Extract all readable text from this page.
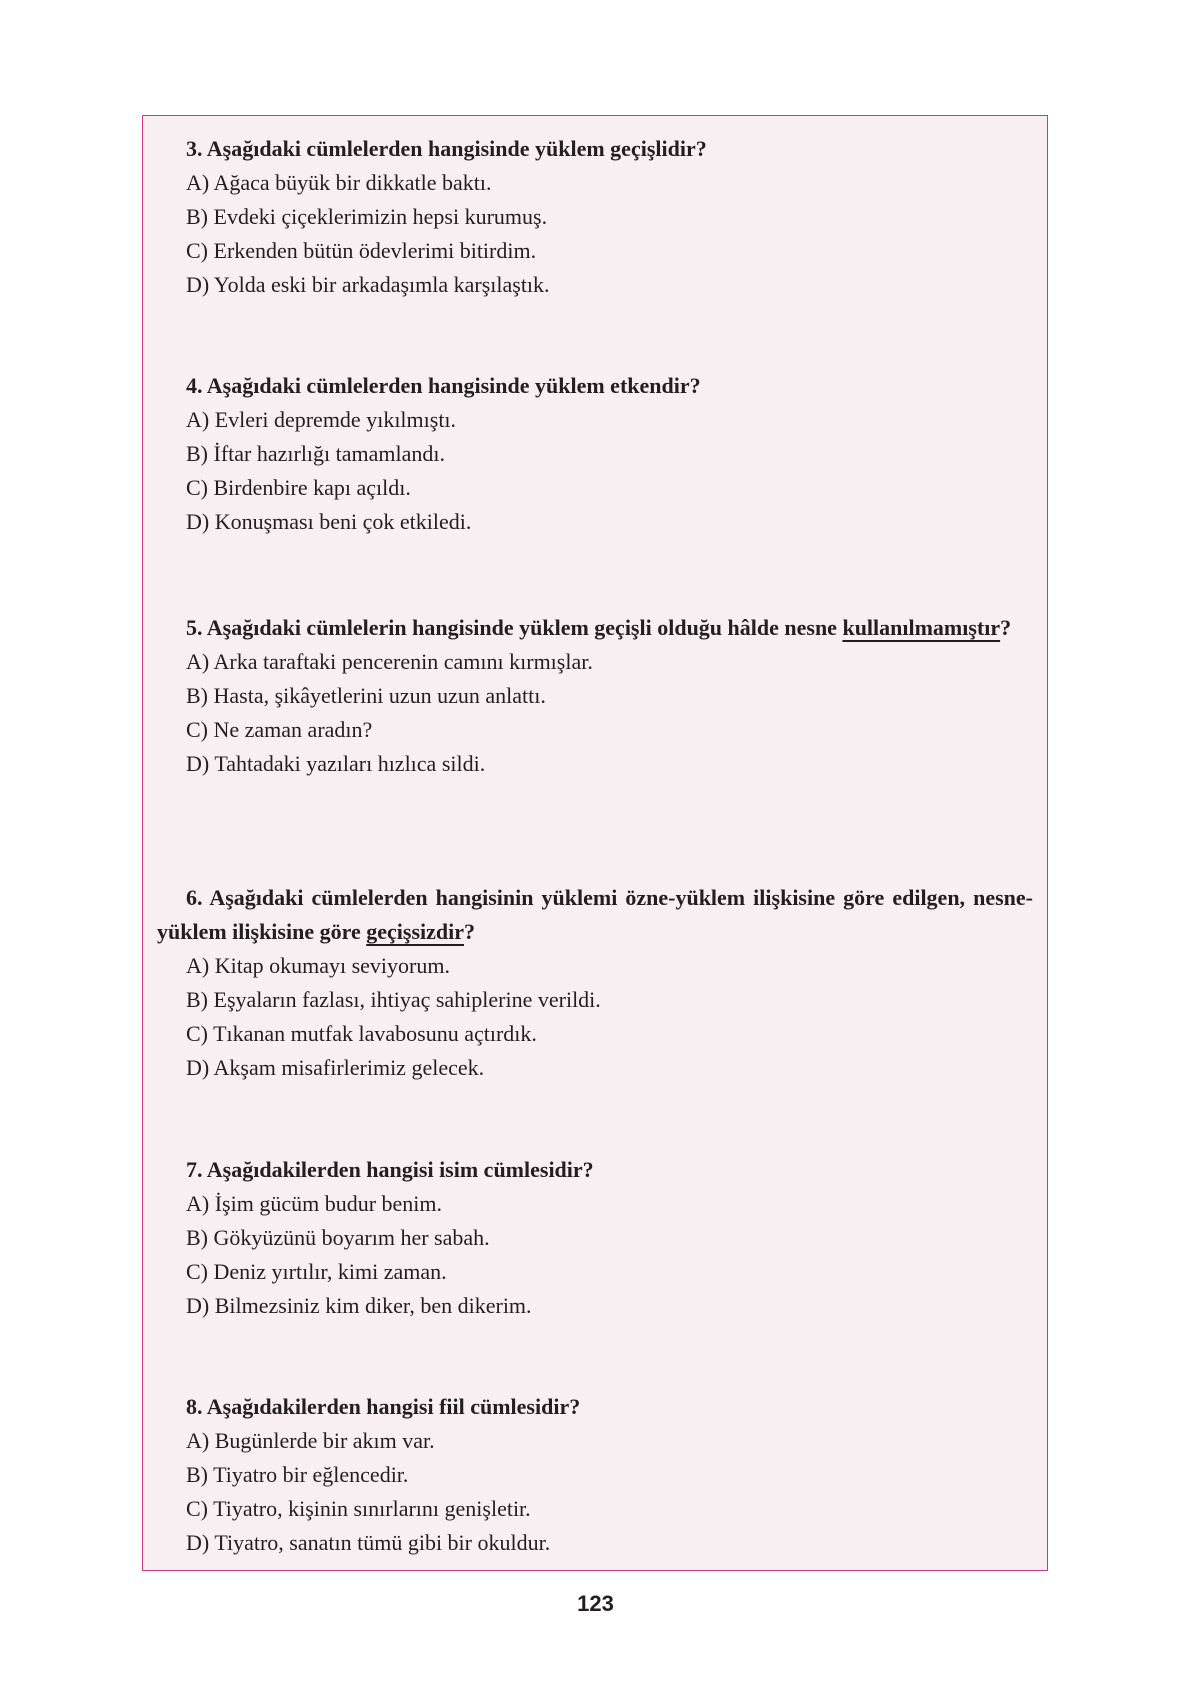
3. Aşağıdaki cümlelerden hangisinde yüklem geçişlidir?
A) Ağaca büyük bir dikkatle baktı.
B) Evdeki çiçeklerimizin hepsi kurumuş.
C) Erkenden bütün ödevlerimi bitirdim.
D) Yolda eski bir arkadaşımla karşılaştık.
4. Aşağıdaki cümlelerden hangisinde yüklem etkendir?
A) Evleri depremde yıkılmıştı.
B) İftar hazırlığı tamamlandı.
C) Birdenbire kapı açıldı.
D) Konuşması beni çok etkiledi.
5. Aşağıdaki cümlelerin hangisinde yüklem geçişli olduğu hâlde nesne kullanılmamıştır?
A) Arka taraftaki pencerenin camını kırmışlar.
B) Hasta, şikâyetlerini uzun uzun anlattı.
C) Ne zaman aradın?
D) Tahtadaki yazıları hızlıca sildi.
6. Aşağıdaki cümlelerden hangisinin yüklemi özne-yüklem ilişkisine göre edilgen, nesne-yüklem ilişkisine göre geçişsizdir?
A) Kitap okumayı seviyorum.
B) Eşyaların fazlası, ihtiyaç sahiplerine verildi.
C) Tıkanan mutfak lavabosunu açtırdık.
D) Akşam misafirlerimiz gelecek.
7. Aşağıdakilerden hangisi isim cümlesidir?
A) İşim gücüm budur benim.
B) Gökyüzünü boyarım her sabah.
C) Deniz yırtılır, kimi zaman.
D) Bilmezsiniz kim diker, ben dikerim.
8. Aşağıdakilerden hangisi fiil cümlesidir?
A) Bugünlerde bir akım var.
B) Tiyatro bir eğlencedir.
C) Tiyatro, kişinin sınırlarını genişletir.
D) Tiyatro, sanatın tümü gibi bir okuldur.
123
